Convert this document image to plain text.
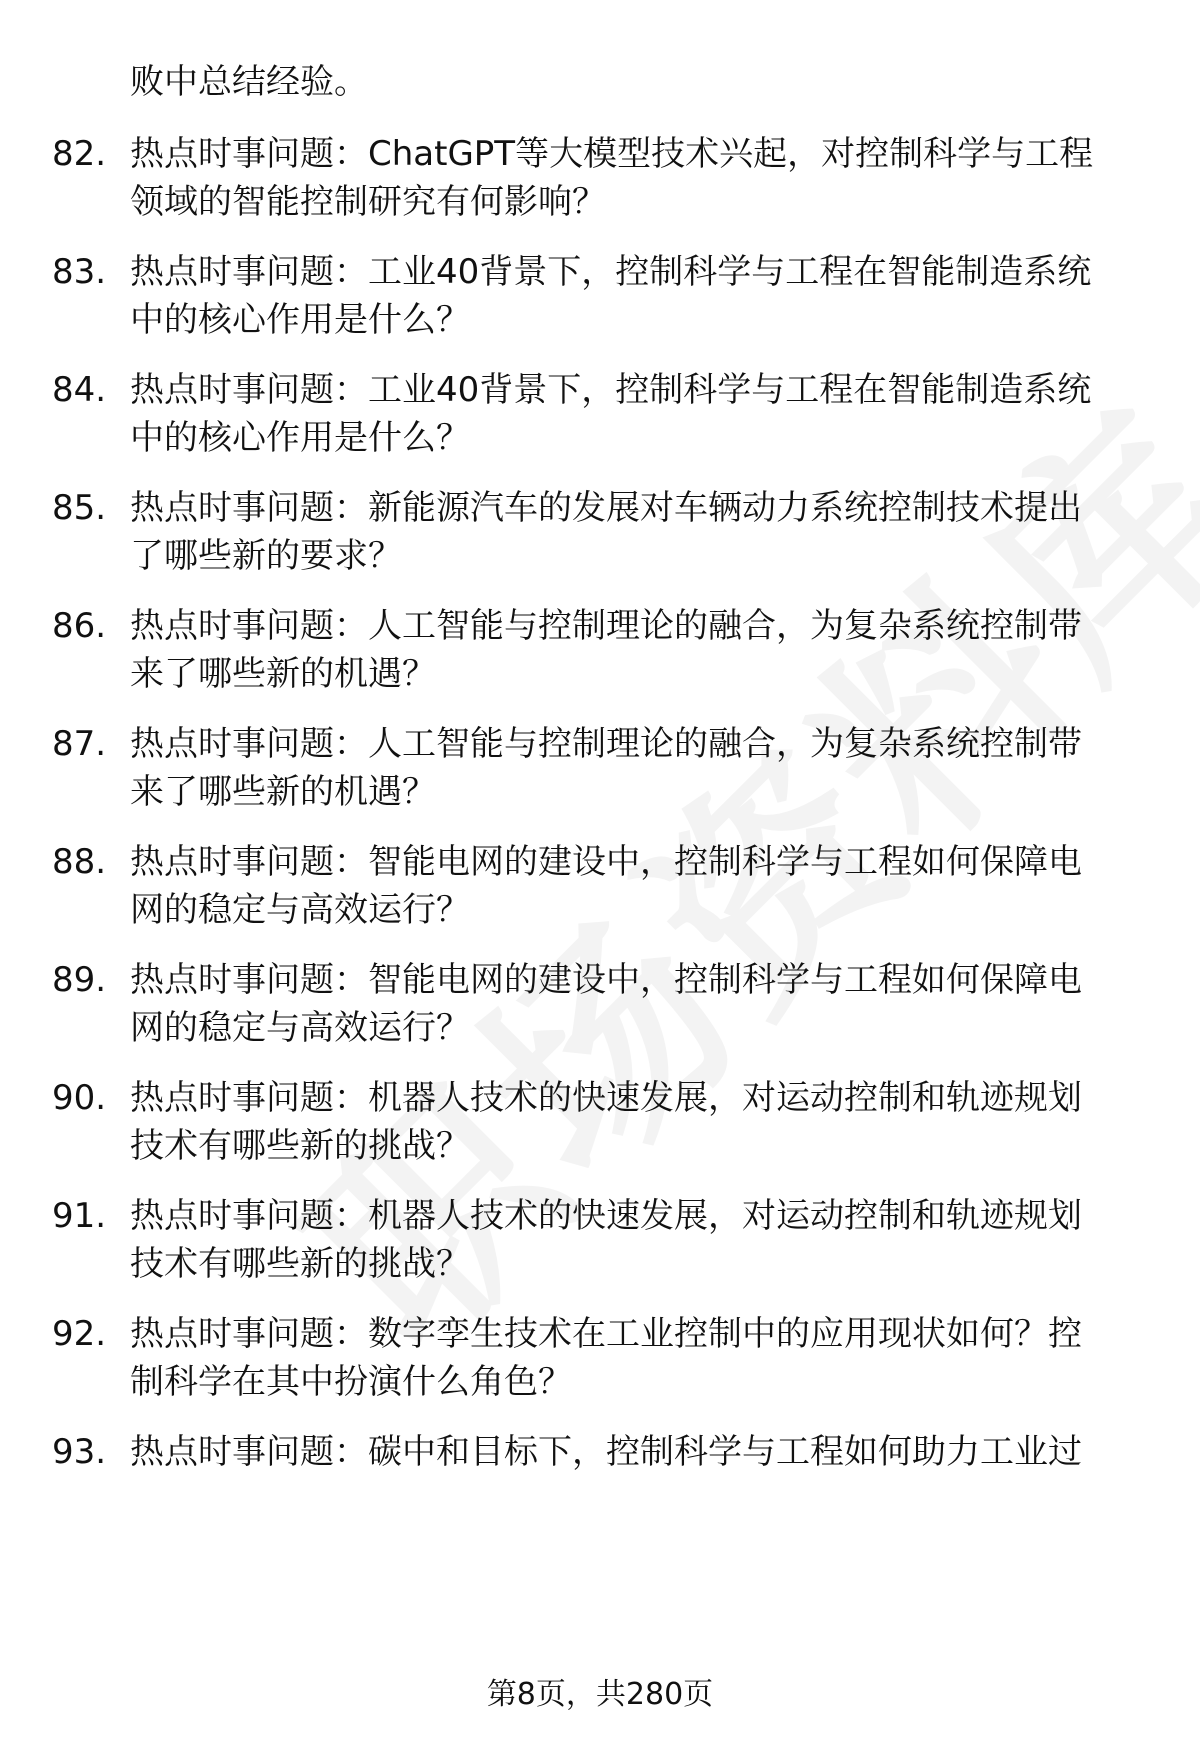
败中总结经验。
82. 热点时事问题：ChatGPT等大模型技术兴起，对控制科学与工程
领域的智能控制研究有何影响？
83. 热点时事问题：工业40背景下，控制科学与工程在智能制造系统
中的核心作用是什么？
84. 热点时事问题：工业40背景下，控制科学与工程在智能制造系统
中的核心作用是什么？
85. 热点时事问题：新能源汽车的发展对车辆动力系统控制技术提出
了哪些新的要求？
86. 热点时事问题：人工智能与控制理论的融合，为复杂系统控制带
来了哪些新的机遇？
87. 热点时事问题：人工智能与控制理论的融合，为复杂系统控制带
来了哪些新的机遇？
88. 热点时事问题：智能电网的建设中，控制科学与工程如何保障电
网的稳定与高效运行？
89. 热点时事问题：智能电网的建设中，控制科学与工程如何保障电
网的稳定与高效运行？
90. 热点时事问题：机器人技术的快速发展，对运动控制和轨迹规划
技术有哪些新的挑战？
91. 热点时事问题：机器人技术的快速发展，对运动控制和轨迹规划
技术有哪些新的挑战？
92. 热点时事问题：数字孪生技术在工业控制中的应用现状如何？控
制科学在其中扮演什么角色？
93. 热点时事问题：碳中和目标下，控制科学与工程如何助力工业过
第8页，共280页
